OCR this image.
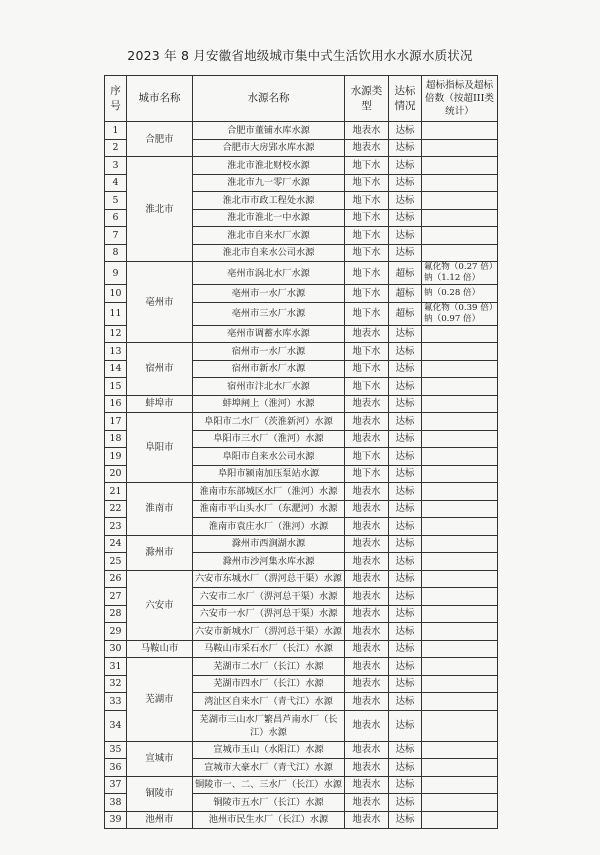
2023 年 8 月安徽省地级城市集中式生活饮用水水源水质状况
序号	城市名称	水源名称	水源类型	达标情况	超标指标及超标倍数（按超III类统计）
1	合肥市	合肥市董铺水库水源	地表水	达标	
2		合肥市大房郢水库水源	地表水	达标	
3	淮北市	淮北市淮北财校水源	地下水	达标	
4		淮北市九一零厂水源	地下水	达标	
5		淮北市市政工程处水源	地下水	达标	
6		淮北市淮北一中水源	地下水	达标	
7		淮北市自来水厂水源	地下水	达标	
8		淮北市自来水公司水源	地下水	达标	
9	亳州市	亳州市涡北水厂水源	地下水	超标	氟化物（0.27 倍）钠（1.12 倍）
10		亳州市一水厂水源	地下水	超标	钠（0.28 倍）
11		亳州市三水厂水源	地下水	超标	氟化物（0.39 倍）钠（0.97 倍）
12		亳州市调蓄水库水源	地表水	达标	
13	宿州市	宿州市一水厂水源	地下水	达标	
14		宿州市新水厂水源	地下水	达标	
15		宿州市汴北水厂水源	地下水	达标	
16	蚌埠市	蚌埠闸上（淮河）水源	地表水	达标	
17	阜阳市	阜阳市二水厂（茨淮新河）水源	地表水	达标	
18		阜阳市三水厂（淮河）水源	地表水	达标	
19		阜阳市自来水公司水源	地下水	达标	
20		阜阳市颍南加压泵站水源	地下水	达标	
21	淮南市	淮南市东部城区水厂（淮河）水源	地表水	达标	
22		淮南市平山头水厂（东淝河）水源	地表水	达标	
23		淮南市袁庄水厂（淮河）水源	地表水	达标	
24	滁州市	滁州市西涧湖水源	地表水	达标	
25		滁州市沙河集水库水源	地表水	达标	
26	六安市	六安市东城水厂（淠河总干渠）水源	地表水	达标	
27		六安市二水厂（淠河总干渠）水源	地表水	达标	
28		六安市一水厂（淠河总干渠）水源	地表水	达标	
29		六安市新城水厂（淠河总干渠）水源	地表水	达标	
30	马鞍山市	马鞍山市采石水厂（长江）水源	地表水	达标	
31	芜湖市	芜湖市二水厂（长江）水源	地表水	达标	
32		芜湖市四水厂（长江）水源	地表水	达标	
33		湾沚区自来水厂（青弋江）水源	地表水	达标	
34		芜湖市三山水厂繁昌芦南水厂（长江）水源	地表水	达标	
35	宣城市	宣城市玉山（水阳江）水源	地表水	达标	
36		宣城市大豪水厂（青弋江）水源	地表水	达标	
37	铜陵市	铜陵市一、二、三水厂（长江）水源	地表水	达标	
38		铜陵市五水厂（长江）水源	地表水	达标	
39	池州市	池州市民生水厂（长江）水源	地表水	达标	
